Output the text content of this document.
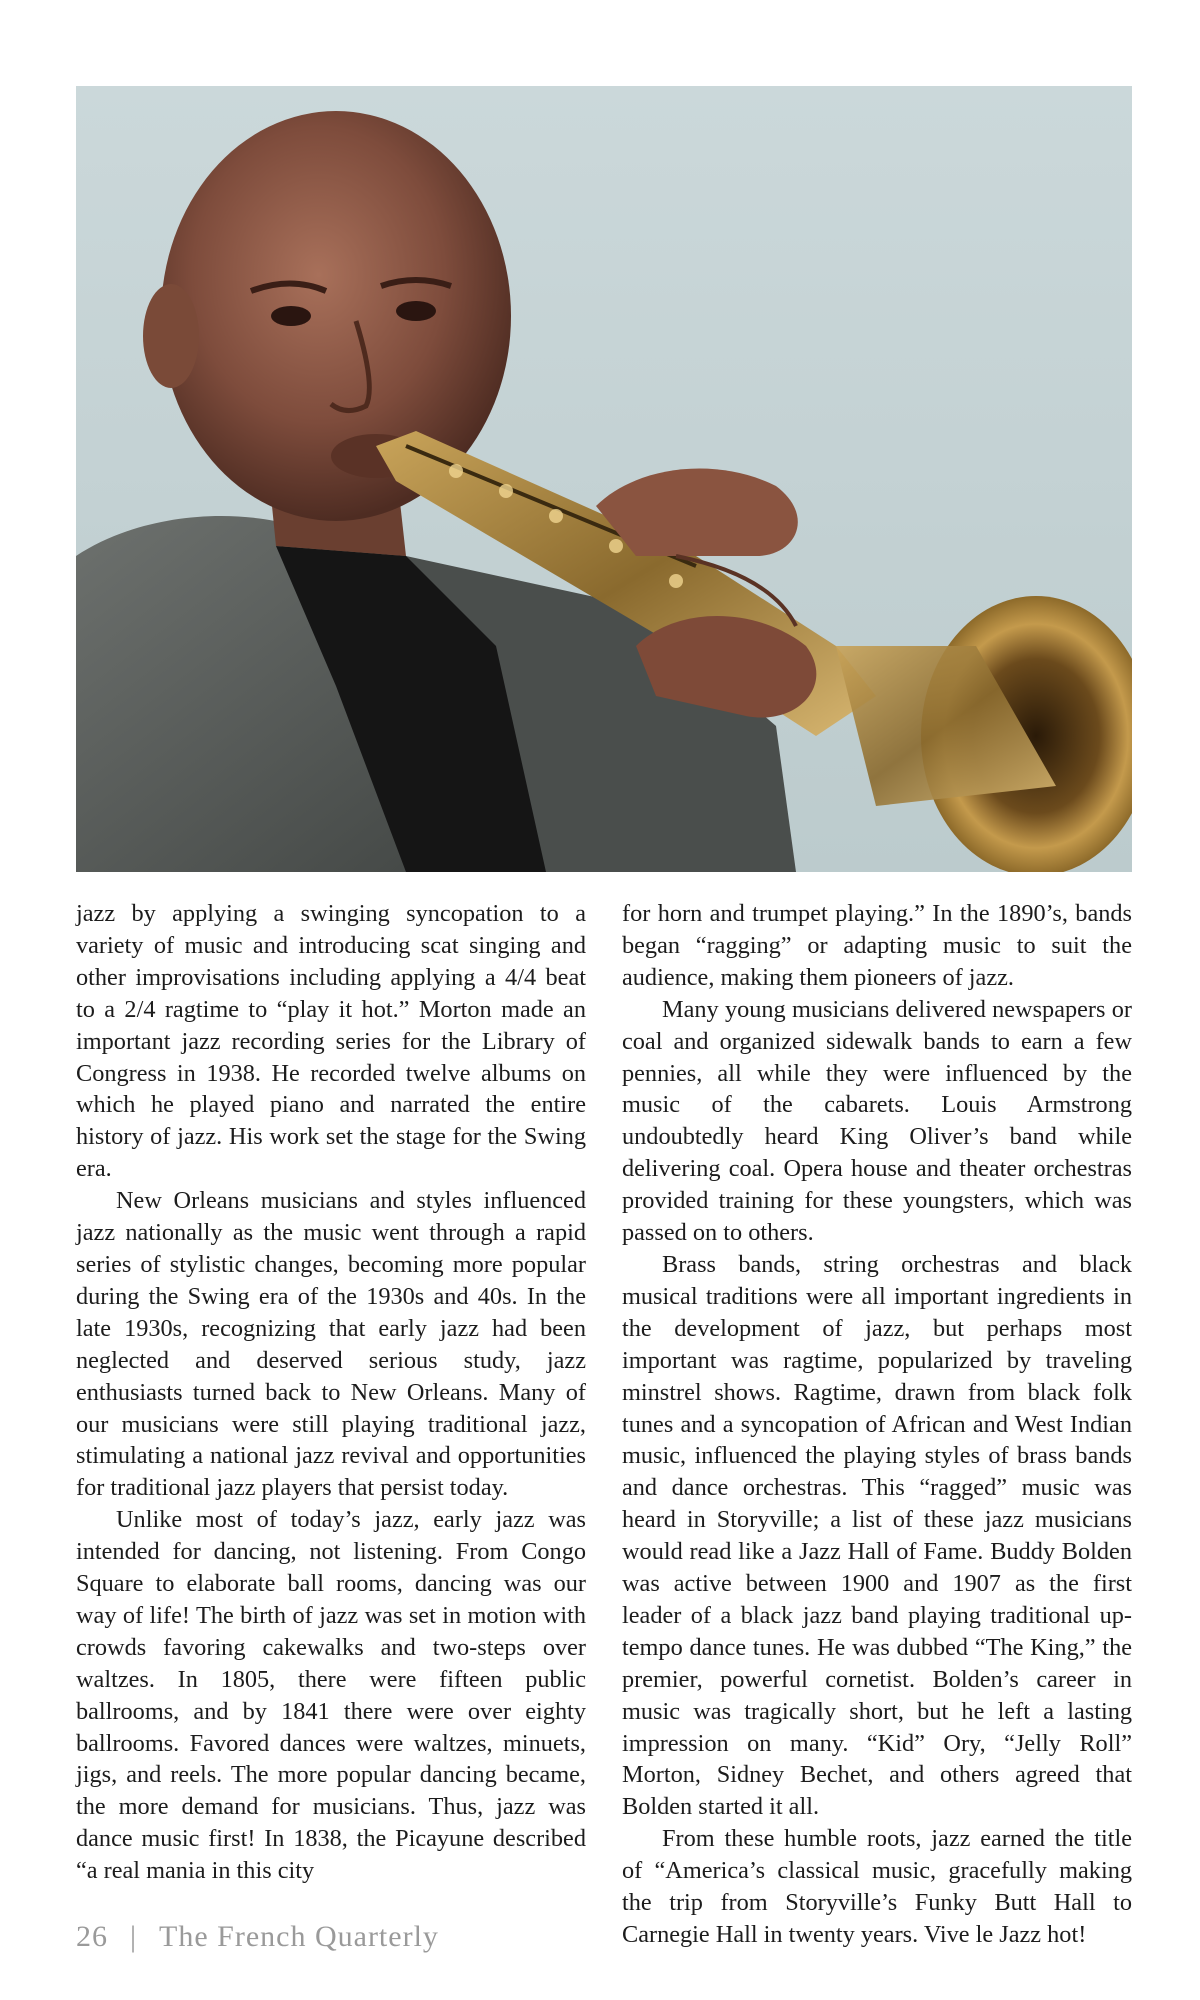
jazz by applying a swinging syncopation to a variety of music and introducing scat singing and other improvisations including applying a 4/4 beat to a 2/4 ragtime to “play it hot.” Morton made an important jazz recording series for the Library of Congress in 1938. He recorded twelve albums on which he played piano and narrated the entire history of jazz. His work set the stage for the Swing era.

New Orleans musicians and styles influenced jazz nationally as the music went through a rapid series of stylistic changes, becoming more popular during the Swing era of the 1930s and 40s. In the late 1930s, recognizing that early jazz had been neglected and deserved serious study, jazz enthusiasts turned back to New Orleans. Many of our musicians were still playing traditional jazz, stimulating a national jazz revival and opportunities for traditional jazz players that persist today.

Unlike most of today’s jazz, early jazz was intended for dancing, not listening. From Congo Square to elaborate ball rooms, dancing was our way of life! The birth of jazz was set in motion with crowds favoring cakewalks and two-steps over waltzes. In 1805, there were fifteen public ballrooms, and by 1841 there were over eighty ballrooms. Favored dances were waltzes, minuets, jigs, and reels. The more popular dancing became, the more demand for musicians. Thus, jazz was dance music first! In 1838, the Picayune described “a real mania in this city

for horn and trumpet playing.” In the 1890’s, bands began “ragging” or adapting music to suit the audience, making them pioneers of jazz.

Many young musicians delivered newspapers or coal and organized sidewalk bands to earn a few pennies, all while they were influenced by the music of the cabarets. Louis Armstrong undoubtedly heard King Oliver’s band while delivering coal. Opera house and theater orchestras provided training for these youngsters, which was passed on to others.

Brass bands, string orchestras and black musical traditions were all important ingredients in the development of jazz, but perhaps most important was ragtime, popularized by traveling minstrel shows. Ragtime, drawn from black folk tunes and a syncopation of African and West Indian music, influenced the playing styles of brass bands and dance orchestras. This “ragged” music was heard in Storyville; a list of these jazz musicians would read like a Jazz Hall of Fame. Buddy Bolden was active between 1900 and 1907 as the first leader of a black jazz band playing traditional up-tempo dance tunes. He was dubbed “The King,” the premier, powerful cornetist. Bolden’s career in music was tragically short, but he left a lasting impression on many. “Kid” Ory, “Jelly Roll” Morton, Sidney Bechet, and others agreed that Bolden started it all.

From these humble roots, jazz earned the title of “America’s classical music, gracefully making the trip from Storyville’s Funky Butt Hall to Carnegie Hall in twenty years. Vive le Jazz hot!

26 | The French Quarterly
